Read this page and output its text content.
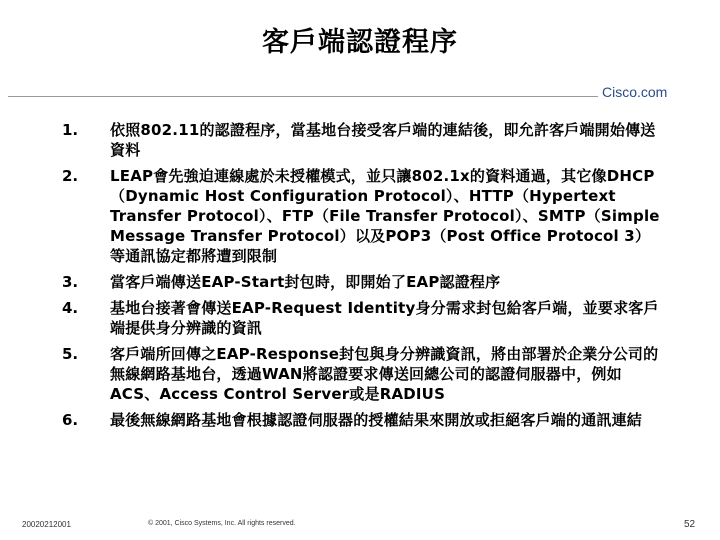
客戶端認證程序
Cisco.com
1.	依照802.11的認證程序，當基地台接受客戶端的連結後，即允許客戶端開始傳送資料
2.	LEAP會先強迫連線處於未授權模式，並只讓802.1x的資料通過，其它像DHCP（Dynamic Host Configuration Protocol）、HTTP（Hypertext Transfer Protocol）、FTP（File Transfer Protocol）、SMTP（Simple Message Transfer Protocol）以及POP3（Post Office Protocol 3）等通訊協定都將遭到限制
3.	當客戶端傳送EAP-Start封包時，即開始了EAP認證程序
4.	基地台接著會傳送EAP-Request Identity身分需求封包給客戶端，並要求客戶端提供身分辨識的資訊
5.	客戶端所回傳之EAP-Response封包與身分辨識資訊，將由部署於企業分公司的無線網路基地台，透過WAN將認證要求傳送回總公司的認證伺服器中，例如ACS、Access Control Server或是RADIUS
6.	最後無線網路基地會根據認證伺服器的授權結果來開放或拒絕客戶端的通訊連結
20020212001	© 2001, Cisco Systems, Inc. All rights reserved.	52
